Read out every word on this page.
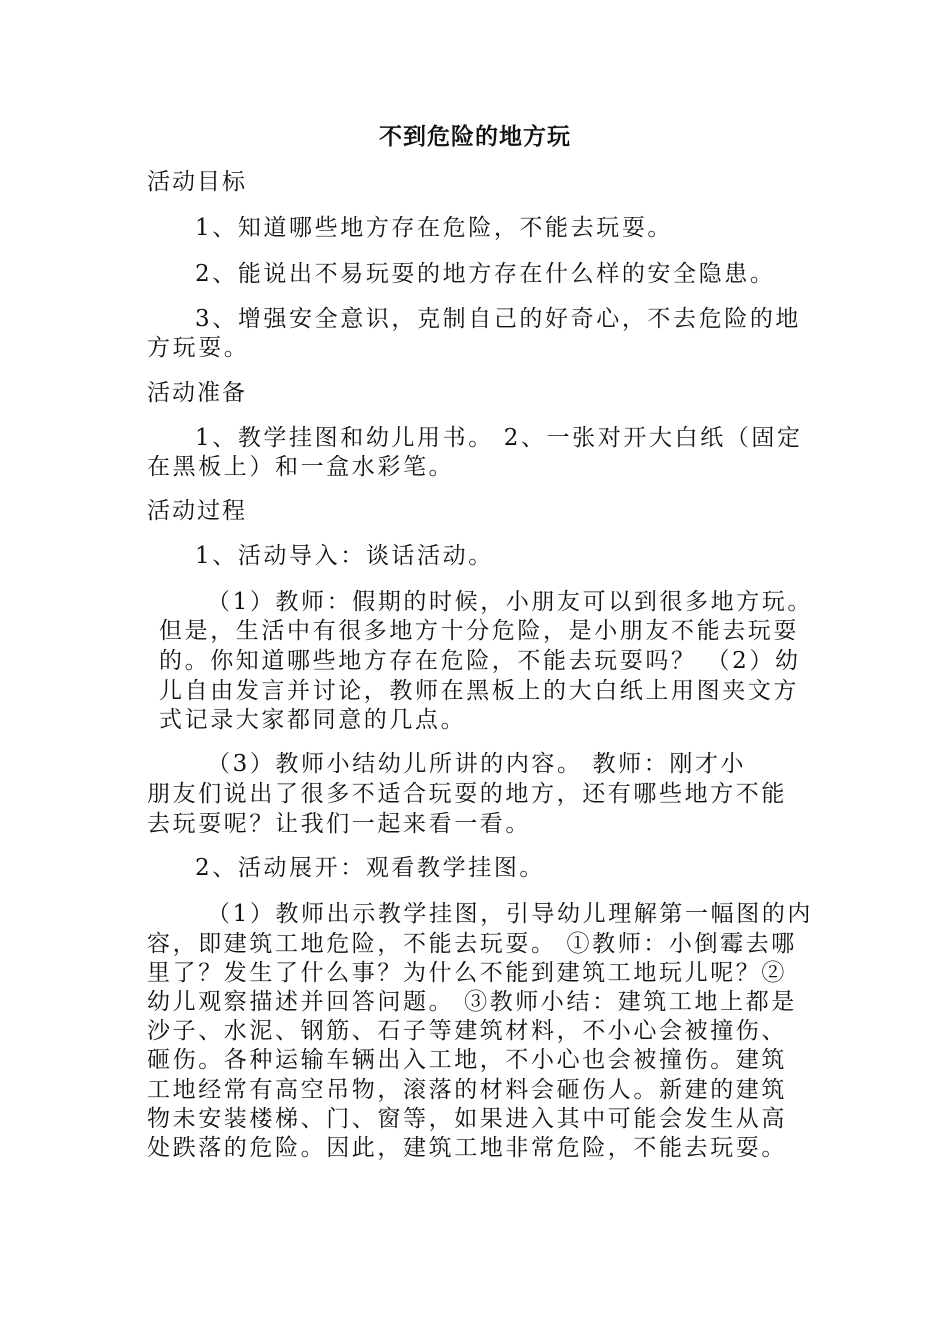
不到危险的地方玩
活动目标
1、知道哪些地方存在危险，不能去玩耍。
2、能说出不易玩耍的地方存在什么样的安全隐患。
3、增强安全意识，克制自己的好奇心，不去危险的地
方玩耍。
活动准备
1、教学挂图和幼儿用书。 2、一张对开大白纸（固定
在黑板上）和一盒水彩笔。
活动过程
1、活动导入：谈话活动。
（1）教师：假期的时候，小朋友可以到很多地方玩。
但是，生活中有很多地方十分危险，是小朋友不能去玩耍
的。你知道哪些地方存在危险，不能去玩耍吗？ （2）幼
儿自由发言并讨论，教师在黑板上的大白纸上用图夹文方
式记录大家都同意的几点。
（3）教师小结幼儿所讲的内容。 教师：刚才小
朋友们说出了很多不适合玩耍的地方，还有哪些地方不能
去玩耍呢？让我们一起来看一看。
2、活动展开：观看教学挂图。
（1）教师出示教学挂图，引导幼儿理解第一幅图的内
容，即建筑工地危险，不能去玩耍。 ①教师：小倒霉去哪
里了？发生了什么事？为什么不能到建筑工地玩儿呢？②
幼儿观察描述并回答问题。 ③教师小结：建筑工地上都是
沙子、水泥、钢筋、石子等建筑材料，不小心会被撞伤、
砸伤。各种运输车辆出入工地，不小心也会被撞伤。建筑
工地经常有高空吊物，滚落的材料会砸伤人。新建的建筑
物未安装楼梯、门、窗等，如果进入其中可能会发生从高
处跌落的危险。因此，建筑工地非常危险，不能去玩耍。
